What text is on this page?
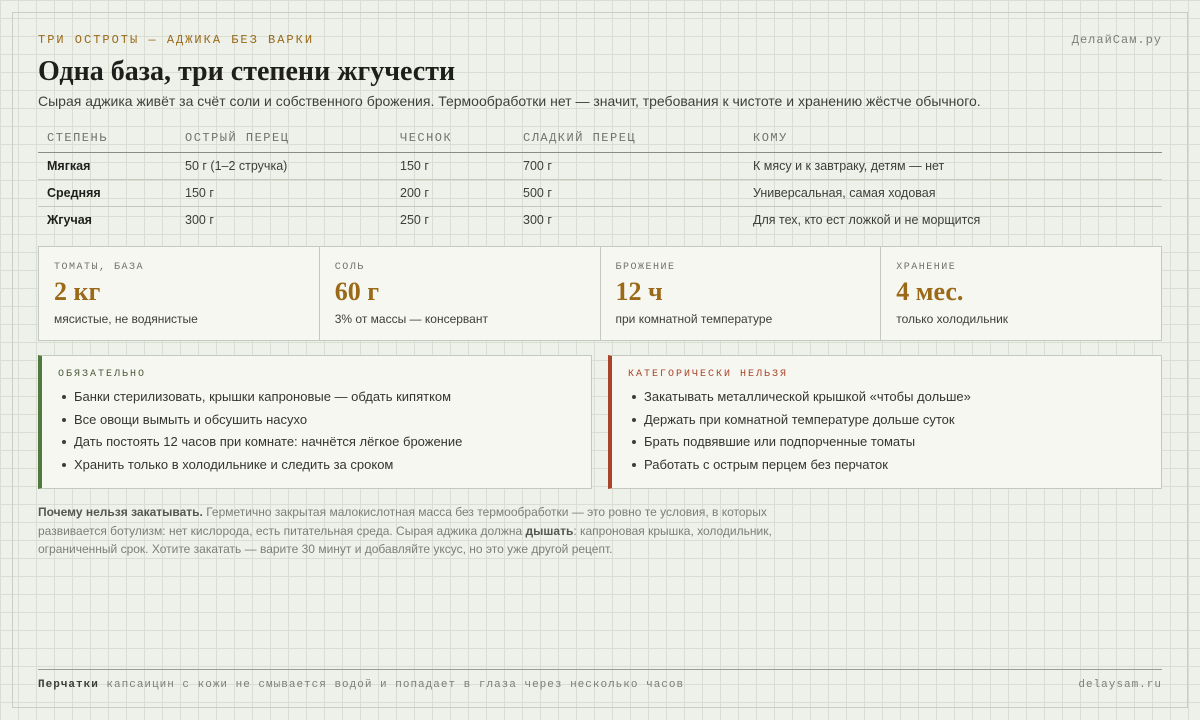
ТРИ ОСТРОТЫ — АДЖИКА БЕЗ ВАРКИ	ДелайСам.ру
Одна база, три степени жгучести

Сырая аджика живёт за счёт соли и собственного брожения. Термообработки нет — значит, требования к чистоте и хранению жёстче обычного.

СТЕПЕНЬ	ОСТРЫЙ ПЕРЕЦ	ЧЕСНОК	СЛАДКИЙ ПЕРЕЦ	КОМУ
Мягкая	50 г (1–2 стручка)	150 г	700 г	К мясу и к завтраку, детям — нет
Средняя	150 г	200 г	500 г	Универсальная, самая ходовая
Жгучая	300 г	250 г	300 г	Для тех, кто ест ложкой и не морщится
ТОМАТЫ, БАЗА
2 кг
мясистые, не водянистые
СОЛЬ
60 г
3% от массы — консервант
БРОЖЕНИЕ
12 ч
при комнатной температуре
ХРАНЕНИЕ
4 мес.
только холодильник
ОБЯЗАТЕЛЬНО
Банки стерилизовать, крышки капроновые — обдать кипятком
Все овощи вымыть и обсушить насухо
Дать постоять 12 часов при комнате: начнётся лёгкое брожение
Хранить только в холодильнике и следить за сроком
КАТЕГОРИЧЕСКИ НЕЛЬЗЯ
Закатывать металлической крышкой «чтобы дольше»
Держать при комнатной температуре дольше суток
Брать подвявшие или подпорченные томаты
Работать с острым перцем без перчаток

Почему нельзя закатывать. Герметично закрытая малокислотная масса без термообработки — это ровно те условия, в которых развивается ботулизм: нет кислорода, есть питательная среда. Сырая аджика должна дышать: капроновая крышка, холодильник, ограниченный срок. Хотите закатать — варите 30 минут и добавляйте уксус, но это уже другой рецепт.

Перчатки капсаицин с кожи не смывается водой и попадает в глаза через несколько часов	delaysam.ru
